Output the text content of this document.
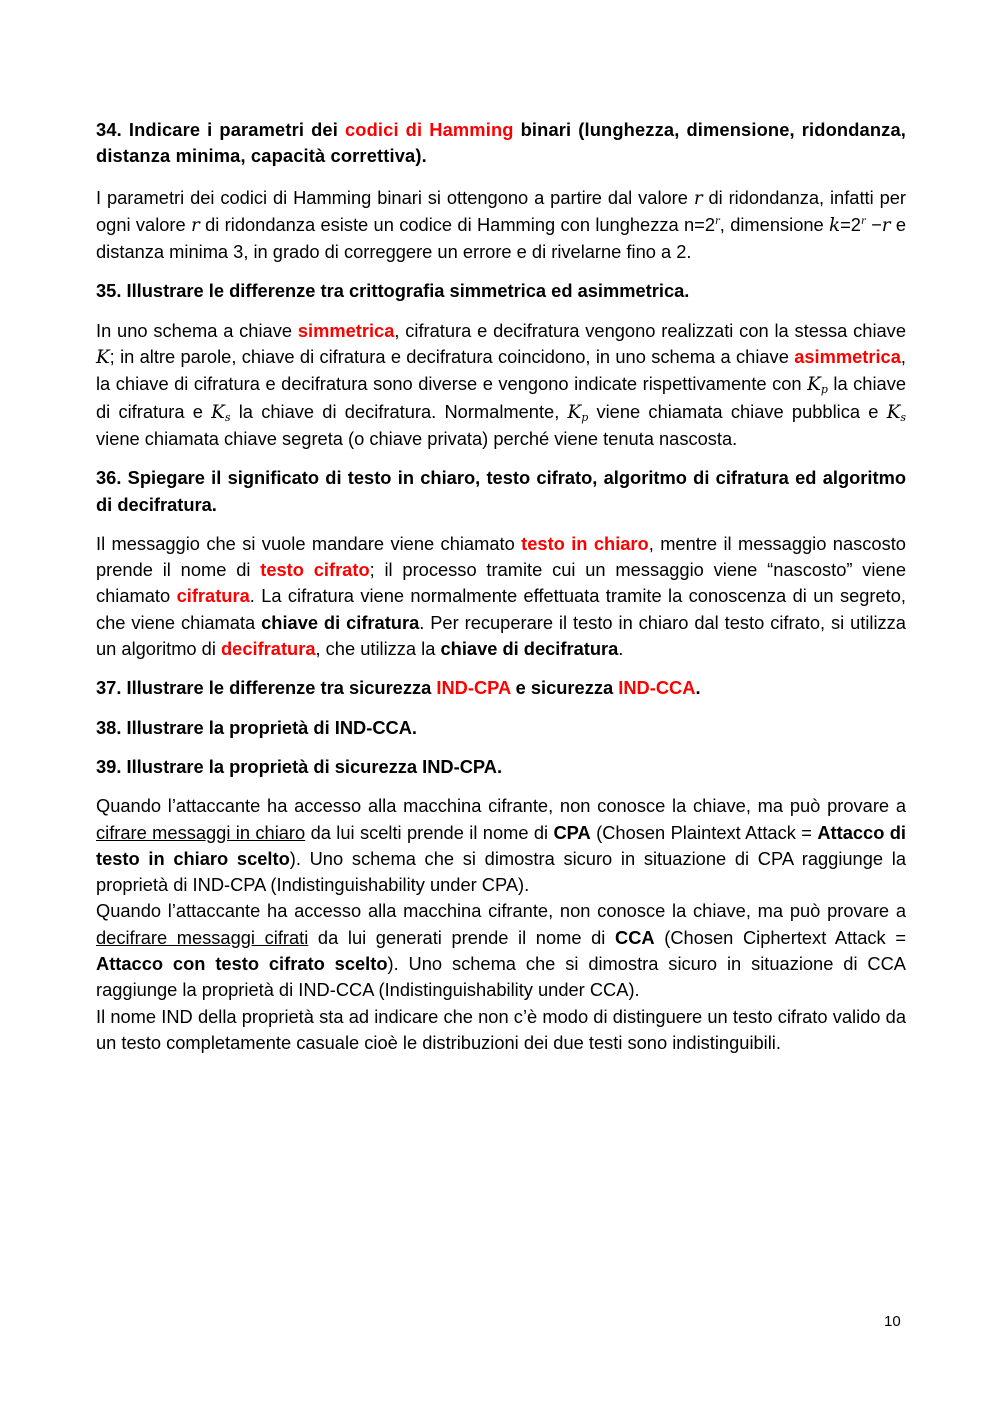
34. Indicare i parametri dei codici di Hamming binari (lunghezza, dimensione, ridondanza, distanza minima, capacità correttiva).

I parametri dei codici di Hamming binari si ottengono a partire dal valore r di ridondanza, infatti per ogni valore r di ridondanza esiste un codice di Hamming con lunghezza $n=2^r$, dimensione $k=2^r -r$ e distanza minima 3, in grado di correggere un errore e di rivelarne fino a 2.

35. Illustrare le differenze tra crittografia simmetrica ed asimmetrica.

In uno schema a chiave simmetrica, cifratura e decifratura vengono realizzati con la stessa chiave K; in altre parole, chiave di cifratura e decifratura coincidono, in uno schema a chiave asimmetrica, la chiave di cifratura e decifratura sono diverse e vengono indicate rispettivamente con $K_p$ la chiave di cifratura e $K_s$ la chiave di decifratura. Normalmente, $K_p$ viene chiamata chiave pubblica e $K_s$ viene chiamata chiave segreta (o chiave privata) perché viene tenuta nascosta.

36. Spiegare il significato di testo in chiaro, testo cifrato, algoritmo di cifratura ed algoritmo di decifratura.

Il messaggio che si vuole mandare viene chiamato testo in chiaro, mentre il messaggio nascosto prende il nome di testo cifrato; il processo tramite cui un messaggio viene “nascosto” viene chiamato cifratura. La cifratura viene normalmente effettuata tramite la conoscenza di un segreto, che viene chiamata chiave di cifratura. Per recuperare il testo in chiaro dal testo cifrato, si utilizza un algoritmo di decifratura, che utilizza la chiave di decifratura.

37. Illustrare le differenze tra sicurezza IND-CPA e sicurezza IND-CCA.

38. Illustrare la proprietà di IND-CCA.

39. Illustrare la proprietà di sicurezza IND-CPA.

Quando l’attaccante ha accesso alla macchina cifrante, non conosce la chiave, ma può provare a cifrare messaggi in chiaro da lui scelti prende il nome di CPA (Chosen Plaintext Attack = Attacco di testo in chiaro scelto). Uno schema che si dimostra sicuro in situazione di CPA raggiunge la proprietà di IND-CPA (Indistinguishability under CPA).

Quando l’attaccante ha accesso alla macchina cifrante, non conosce la chiave, ma può provare a decifrare messaggi cifrati da lui generati prende il nome di CCA (Chosen Ciphertext Attack = Attacco con testo cifrato scelto). Uno schema che si dimostra sicuro in situazione di CCA raggiunge la proprietà di IND-CCA (Indistinguishability under CCA).

Il nome IND della proprietà sta ad indicare che non c’è modo di distinguere un testo cifrato valido da un testo completamente casuale cioè le distribuzioni dei due testi sono indistinguibili.

10
